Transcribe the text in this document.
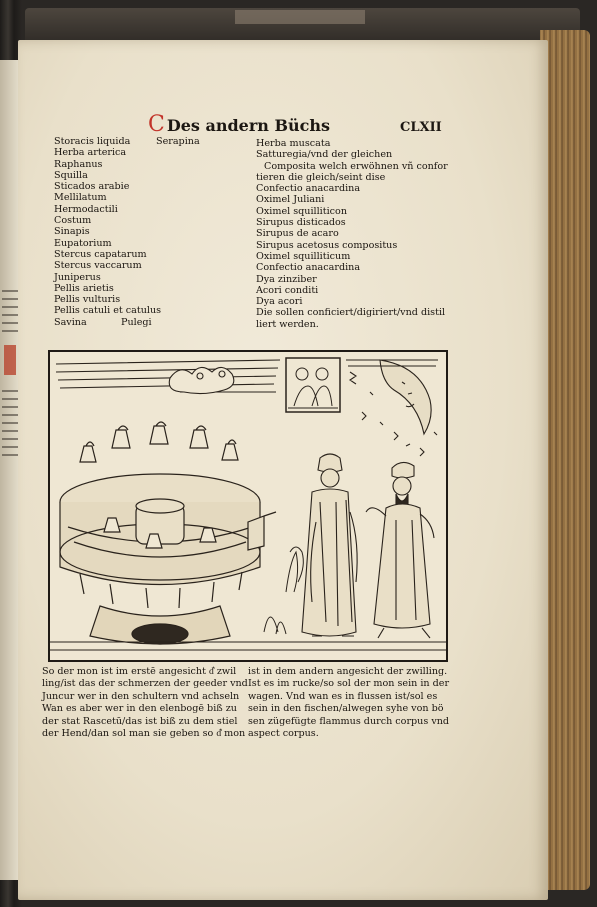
C Des andern Büchs	CLXII
Storacis liquida
Herba arterica
Raphanus
Squilla
Sticados arabie
Mellilatum
Hermodactili
Costum
Sinapis
Eupatorium
Stercus capatarum
Stercus vaccarum
Juniperus
Pellis arietis
Pellis vulturis
Pellis catuli et catulus
Savina
Serapina
Pulegi
Herba muscata
Satturegia/vnd der gleichen
Composita welch erwöhnen vñ confor
tieren die gleich/seint dise
Confectio anacardina
Oximel Juliani
Oximel squilliticon
Sirupus disticados
Sirupus de acaro
Sirupus acetosus compositus
Oximel squilliticum
Confectio anacardina
Dya zinziber
Acori conditi
Dya acori
Die sollen conficiert/digiriert/vnd distil
liert werden.
So der mon ist im erstē angesicht d͛ zwil
ling/ist das der schmerzen der geeder vnd
Juncur wer in den schultern vnd achseln
Wan es aber wer in den elenbogē biß zu
der stat Rascetū/das ist biß zu dem stiel
der Hend/dan sol man sie geben so d͛ mon
ist in dem andern angesicht der zwilling.
Ist es im rucke/so sol der mon sein in der
wagen. Vnd wan es in flussen ist/sol es
sein in den fischen/alwegen syhe von bö
sen zügefügte flammus durch corpus vnd
aspect corpus.
